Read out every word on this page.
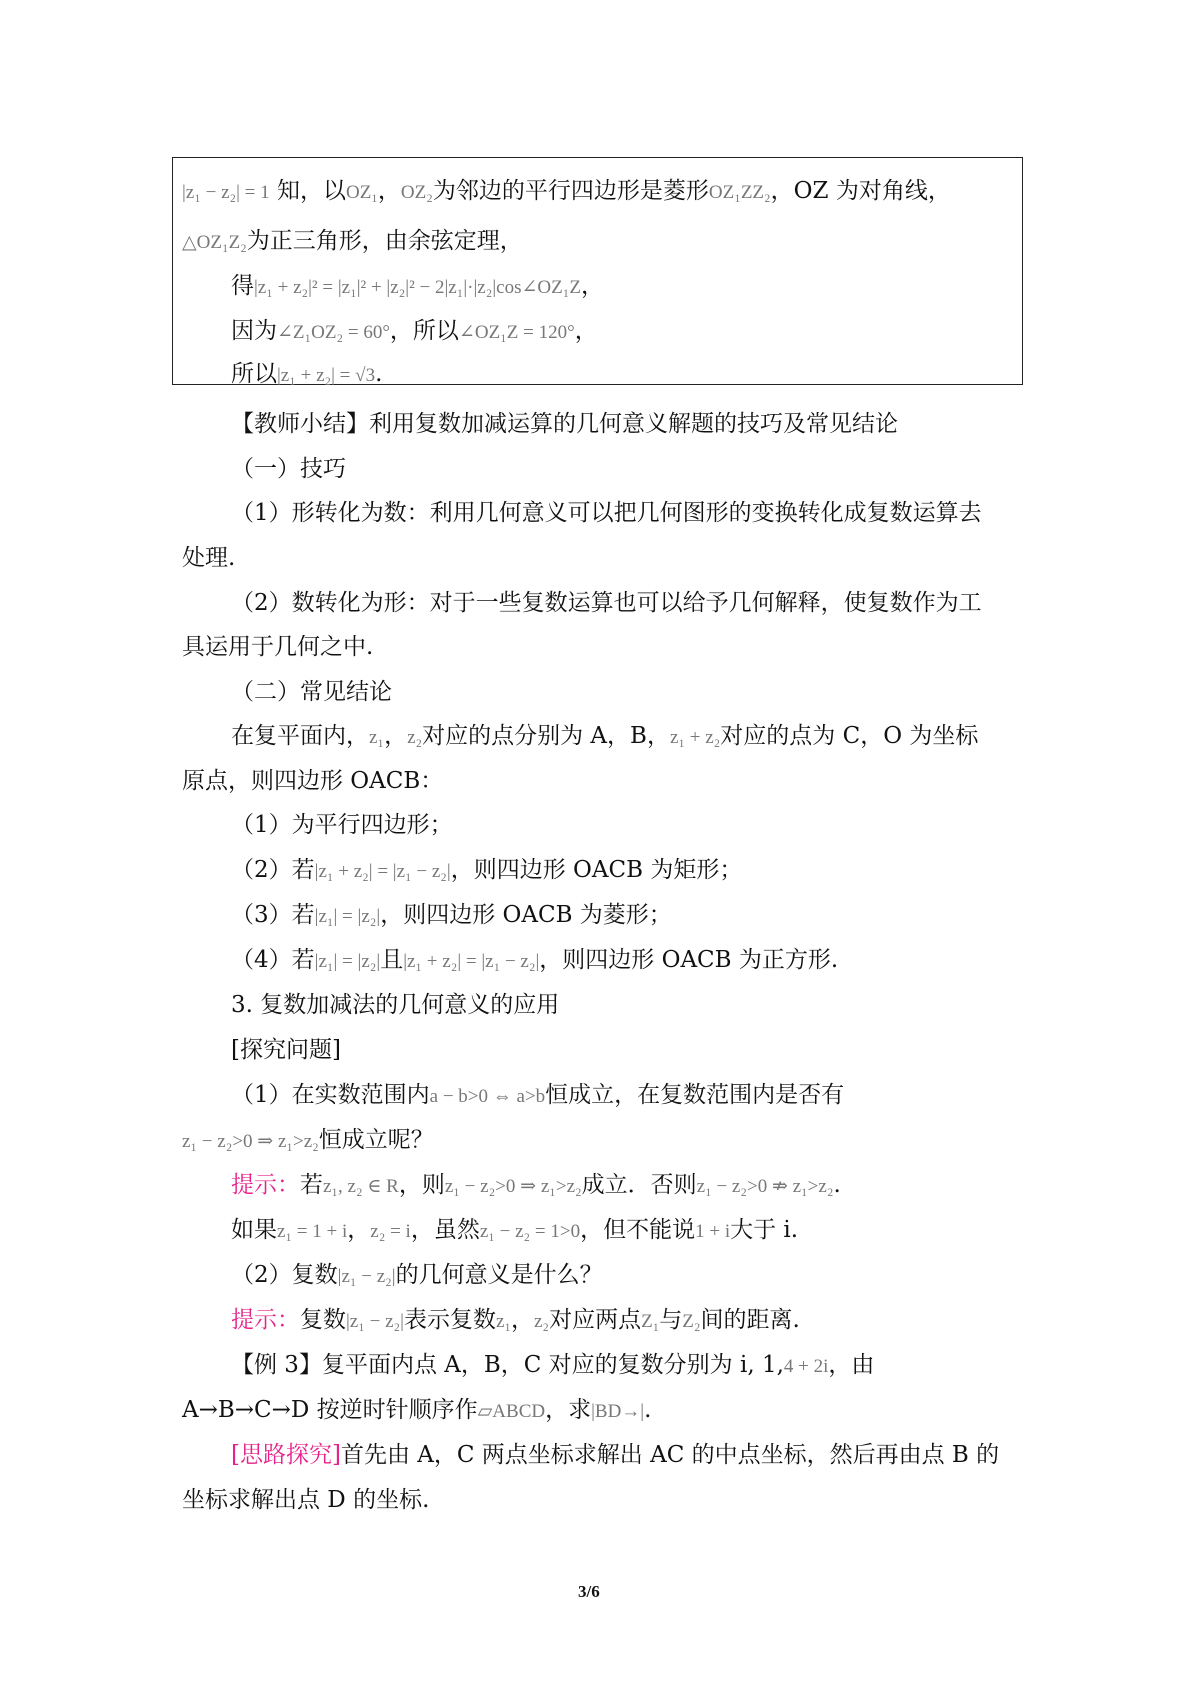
|z₁ − z₂| = 1 知，以OZ₁，OZ₂为邻边的平行四边形是菱形OZ₁ZZ₂，OZ 为对角线，
△OZ₁Z₂为正三角形，由余弦定理，
得|z₁ + z₂|² = |z₁|² + |z₂|² − 2|z₁|·|z₂|cos∠OZ₁Z，
因为∠Z₁OZ₂ = 60°，所以∠OZ₁Z = 120°，
所以|z₁ + z₂| = √3.
【教师小结】利用复数加减运算的几何意义解题的技巧及常见结论
（一）技巧
（1）形转化为数：利用几何意义可以把几何图形的变换转化成复数运算去
处理.
（2）数转化为形：对于一些复数运算也可以给予几何解释，使复数作为工
具运用于几何之中.
（二）常见结论
在复平面内，z₁，z₂对应的点分别为 A，B，z₁ + z₂对应的点为 C，O 为坐标
原点，则四边形 OACB：
（1）为平行四边形；
（2）若|z₁ + z₂| = |z₁ − z₂|，则四边形 OACB 为矩形；
（3）若|z₁| = |z₂|，则四边形 OACB 为菱形；
（4）若|z₁| = |z₂|且|z₁ + z₂| = |z₁ − z₂|，则四边形 OACB 为正方形.
3. 复数加减法的几何意义的应用
[探究问题]
（1）在实数范围内a − b>0 ⇔ a>b恒成立，在复数范围内是否有
z₁ − z₂>0 ⇒ z₁>z₂恒成立呢？
提示：若z₁, z₂ ∈ R，则z₁ − z₂>0 ⇒ z₁>z₂成立．否则z₁ − z₂>0 ⇏ z₁>z₂.
如果z₁ = 1 + i，z₂ = i，虽然z₁ − z₂ = 1>0，但不能说1 + i大于 i.
（2）复数|z₁ − z₂|的几何意义是什么？
提示：复数|z₁ − z₂|表示复数z₁，z₂对应两点Z₁与Z₂间的距离.
【例 3】复平面内点 A，B，C 对应的复数分别为 i, 1,4 + 2i，由
A→B→C→D 按逆时针顺序作▱ABCD，求|BD→|.
[思路探究]首先由 A，C 两点坐标求解出 AC 的中点坐标，然后再由点 B 的
坐标求解出点 D 的坐标.
3/6
